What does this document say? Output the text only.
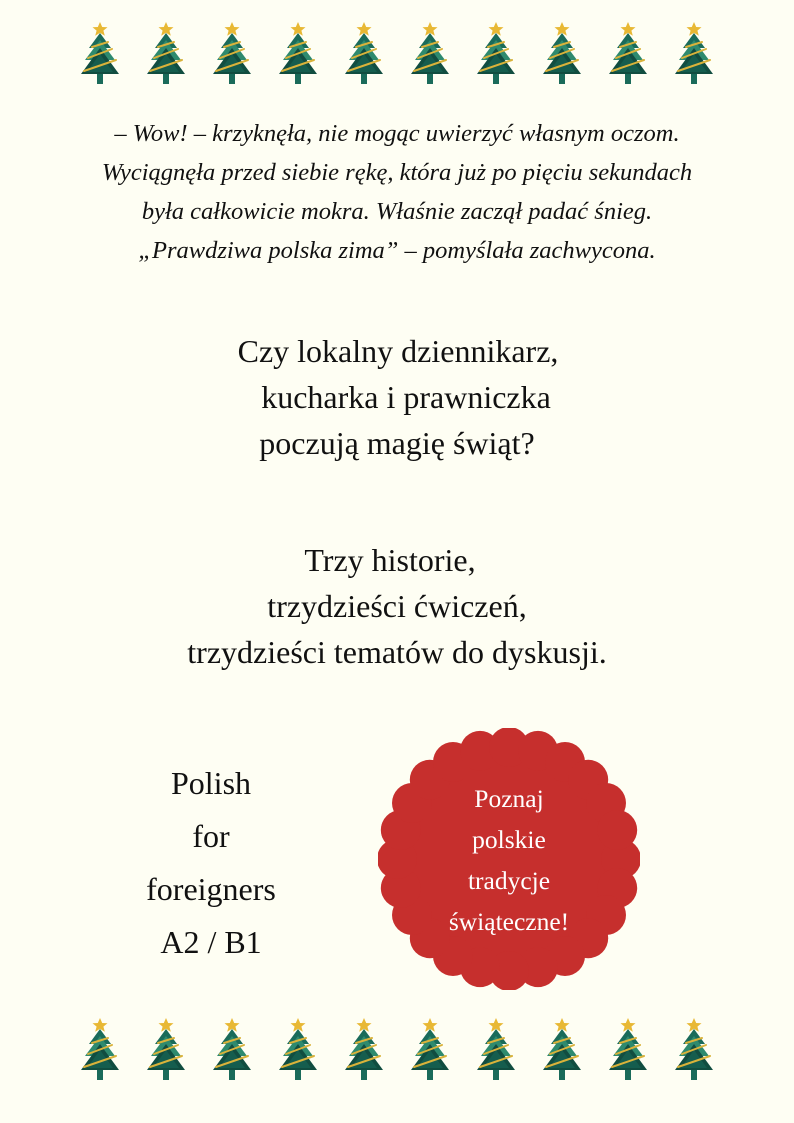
– Wow! – krzyknęła, nie mogąc uwierzyć własnym oczom.
Wyciągnęła przed siebie rękę, która już po pięciu sekundach
była całkowicie mokra. Właśnie zaczął padać śnieg.
„Prawdziwa polska zima” – pomyślała zachwycona.
Czy lokalny dziennikarz,
kucharka i prawniczka
poczują magię świąt?
Trzy historie,
trzydzieści ćwiczeń,
trzydzieści tematów do dyskusji.
Polish
for
foreigners
A2 / B1
Poznaj
polskie
tradycje
świąteczne!
